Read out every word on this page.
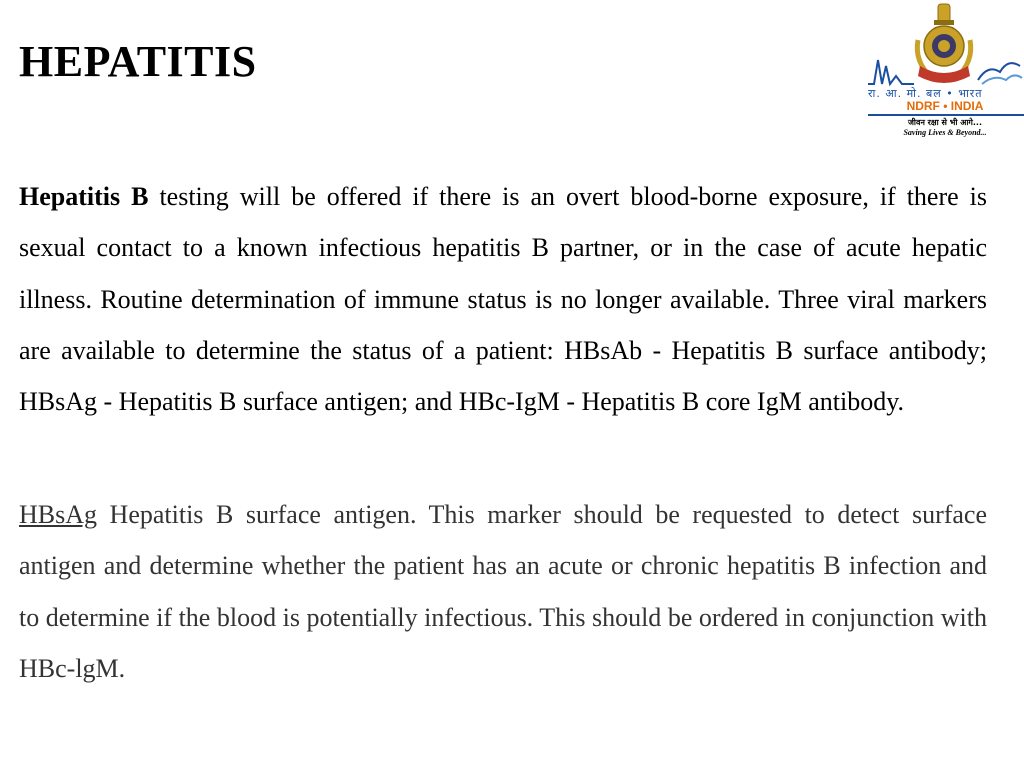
HEPATITIS
रा. आ. मो. बल • भारत
NDRF • INDIA
जीवन रक्षा से भी आगे...
Saving Lives & Beyond...

Hepatitis B testing will be offered if there is an overt blood-borne exposure, if there is sexual contact to a known infectious hepatitis B partner, or in the case of acute hepatic illness. Routine determination of immune status is no longer available. Three viral markers are available to determine the status of a patient: HBsAb - Hepatitis B surface antibody; HBsAg - Hepatitis B surface antigen; and HBc-IgM - Hepatitis B core IgM antibody.

HBsAg Hepatitis B surface antigen. This marker should be requested to detect surface antigen and determine whether the patient has an acute or chronic hepatitis B infection and to determine if the blood is potentially infectious. This should be ordered in conjunction with HBc-lgM.
